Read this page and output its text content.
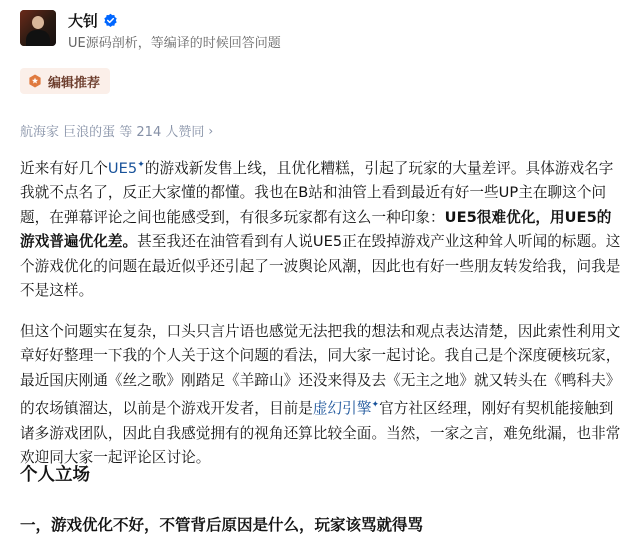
大钊
UE源码剖析，等编译的时候回答问题
编辑推荐
航海家 巨浪的蛋 等 214 人赞同 ›

近来有好几个UE5✦的游戏新发售上线，且优化糟糕，引起了玩家的大量差评。具体游戏名字我就不点名了，反正大家懂的都懂。我也在B站和油管上看到最近有好一些UP主在聊这个问题，在弹幕评论之间也能感受到，有很多玩家都有这么一种印象：UE5很难优化，用UE5的游戏普遍优化差。甚至我还在油管看到有人说UE5正在毁掉游戏产业这种耸人听闻的标题。这个游戏优化的问题在最近似乎还引起了一波舆论风潮，因此也有好一些朋友转发给我，问我是不是这样。

但这个问题实在复杂，口头只言片语也感觉无法把我的想法和观点表达清楚，因此索性利用文章好好整理一下我的个人关于这个问题的看法，同大家一起讨论。我自己是个深度硬核玩家，最近国庆刚通《丝之歌》刚踏足《羊蹄山》还没来得及去《无主之地》就又转头在《鸭科夫》的农场镇溜达，以前是个游戏开发者，目前是虚幻引擎✦官方社区经理，刚好有契机能接触到诸多游戏团队，因此自我感觉拥有的视角还算比较全面。当然，一家之言，难免纰漏，也非常欢迎同大家一起评论区讨论。

个人立场
一，游戏优化不好，不管背后原因是什么，玩家该骂就得骂
